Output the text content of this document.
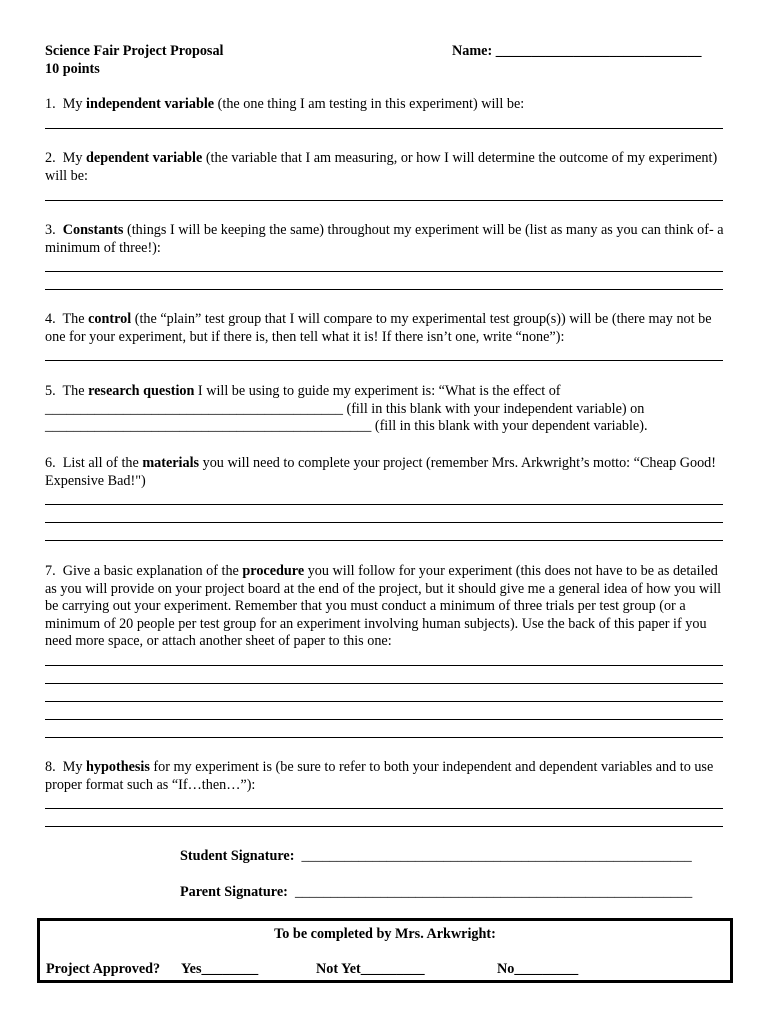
Science Fair Project Proposal
10 points
Name: _____________________________
1. My independent variable (the one thing I am testing in this experiment) will be:
2. My dependent variable (the variable that I am measuring, or how I will determine the outcome of my experiment) will be:
3. Constants (things I will be keeping the same) throughout my experiment will be (list as many as you can think of- a minimum of three!):
4. The control (the “plain” test group that I will compare to my experimental test group(s)) will be (there may not be one for your experiment, but if there is, then tell what it is! If there isn’t one, write “none”):
5. The research question I will be using to guide my experiment is: “What is the effect of
__________________________________________ (fill in this blank with your independent variable) on
______________________________________________ (fill in this blank with your dependent variable).
6. List all of the materials you will need to complete your project (remember Mrs. Arkwright’s motto: “Cheap Good! Expensive Bad!")
7. Give a basic explanation of the procedure you will follow for your experiment (this does not have to be as detailed as you will provide on your project board at the end of the project, but it should give me a general idea of how you will be carrying out your experiment. Remember that you must conduct a minimum of three trials per test group (or a minimum of 20 people per test group for an experiment involving human subjects). Use the back of this paper if you need more space, or attach another sheet of paper to this one:
8. My hypothesis for my experiment is (be sure to refer to both your independent and dependent variables and to use proper format such as “If…then…”):
Student Signature: _______________________________________________________
Parent Signature: ________________________________________________________
To be completed by Mrs. Arkwright:
Project Approved? Yes________	Not Yet_________	No_________
